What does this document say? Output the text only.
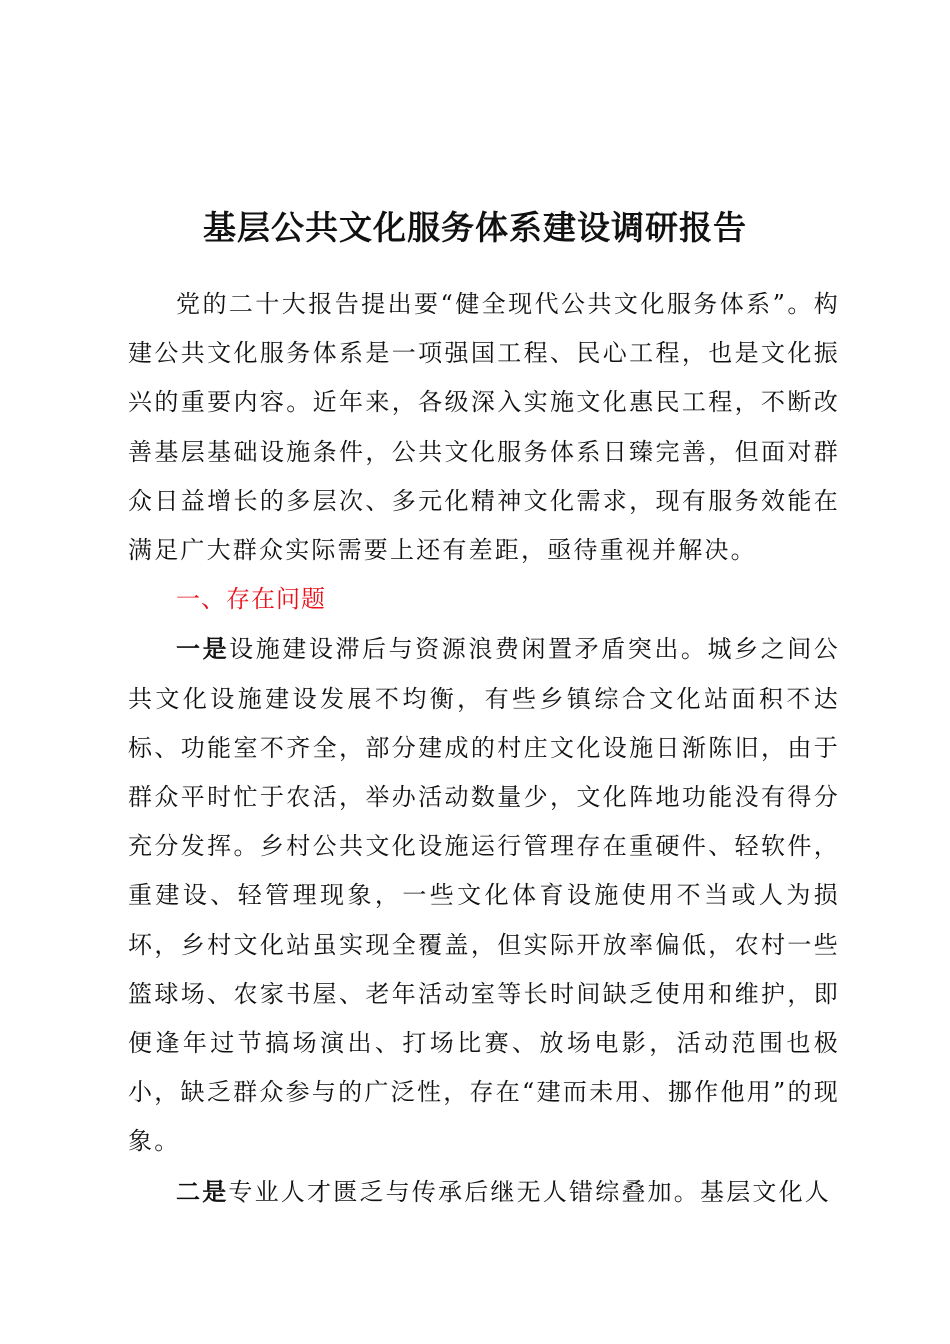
基层公共文化服务体系建设调研报告

党的二十大报告提出要“健全现代公共文化服务体系”。构建公共文化服务体系是一项强国工程、民心工程，也是文化振兴的重要内容。近年来，各级深入实施文化惠民工程，不断改善基层基础设施条件，公共文化服务体系日臻完善，但面对群众日益增长的多层次、多元化精神文化需求，现有服务效能在满足广大群众实际需要上还有差距，亟待重视并解决。

一、存在问题

一是设施建设滞后与资源浪费闲置矛盾突出。城乡之间公共文化设施建设发展不均衡，有些乡镇综合文化站面积不达标、功能室不齐全，部分建成的村庄文化设施日渐陈旧，由于群众平时忙于农活，举办活动数量少，文化阵地功能没有得分充分发挥。乡村公共文化设施运行管理存在重硬件、轻软件，重建设、轻管理现象，一些文化体育设施使用不当或人为损坏，乡村文化站虽实现全覆盖，但实际开放率偏低，农村一些篮球场、农家书屋、老年活动室等长时间缺乏使用和维护，即便逢年过节搞场演出、打场比赛、放场电影，活动范围也极小，缺乏群众参与的广泛性，存在“建而未用、挪作他用”的现象。

二是专业人才匮乏与传承后继无人错综叠加。基层文化人
